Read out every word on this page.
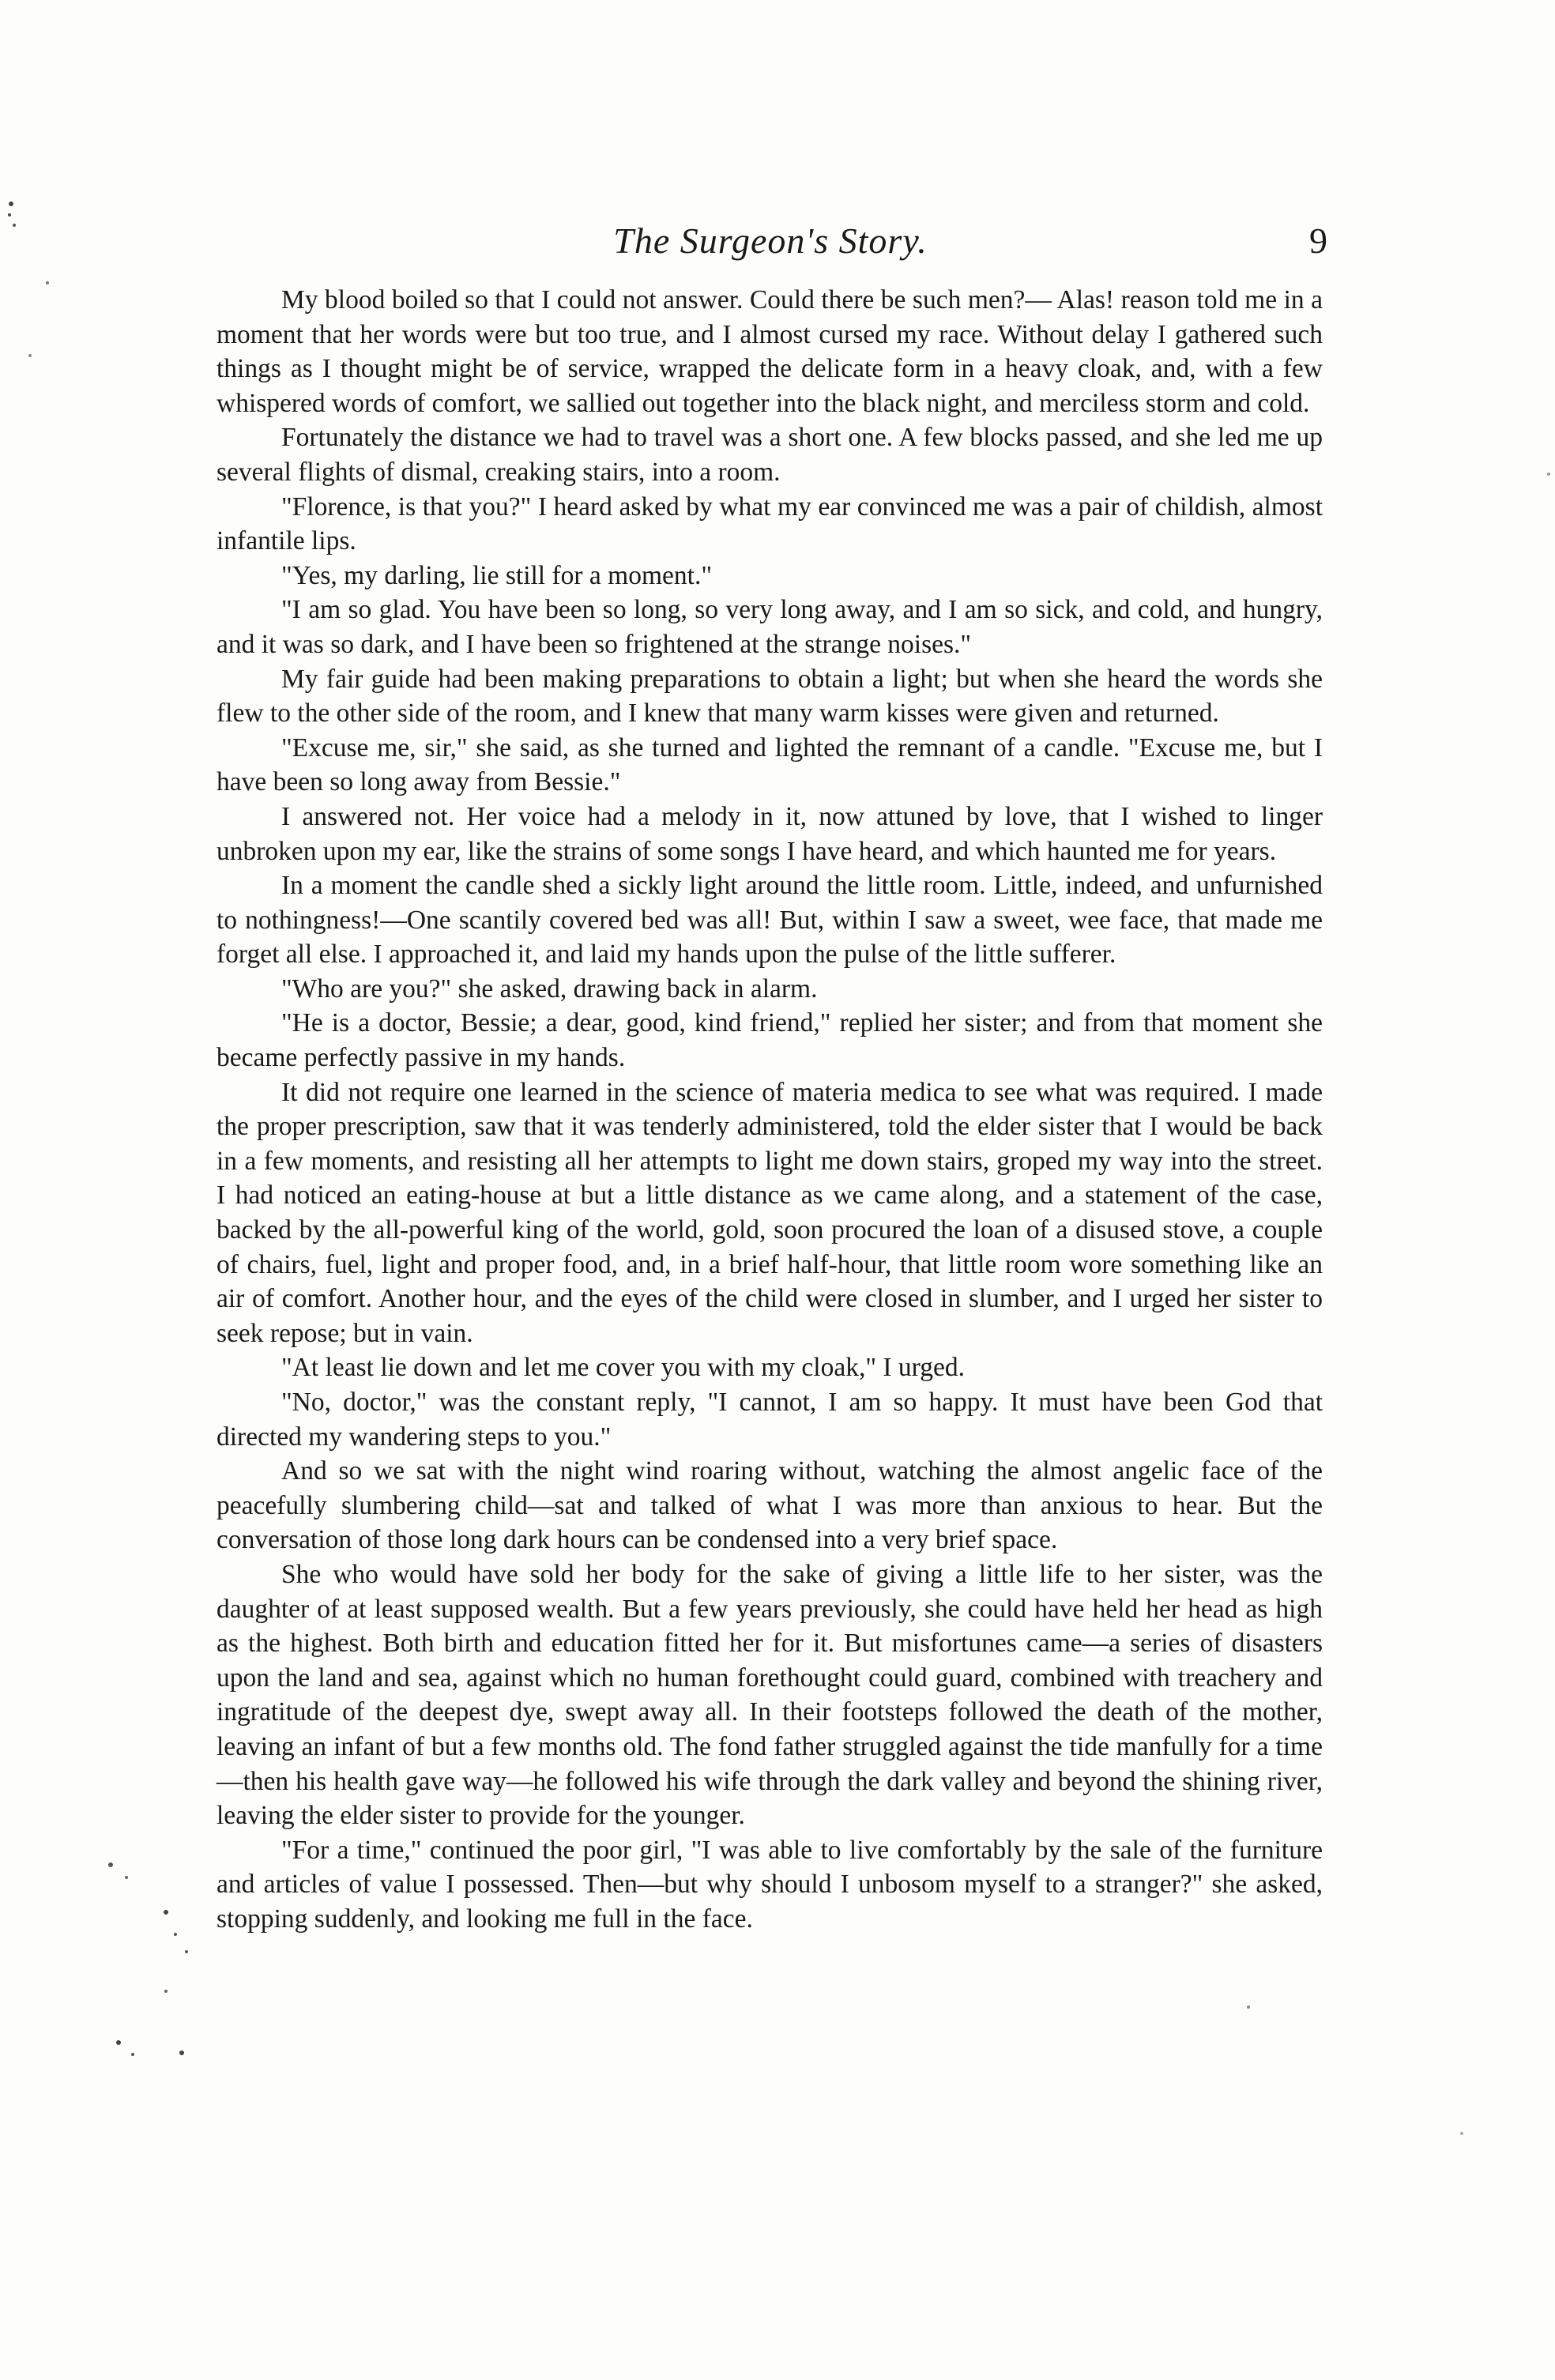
The Surgeon's Story.	9

My blood boiled so that I could not answer. Could there be such men?— Alas! reason told me in a moment that her words were but too true, and I almost cursed my race. Without delay I gathered such things as I thought might be of service, wrapped the delicate form in a heavy cloak, and, with a few whispered words of comfort, we sallied out together into the black night, and merciless storm and cold.

Fortunately the distance we had to travel was a short one. A few blocks passed, and she led me up several flights of dismal, creaking stairs, into a room.

"Florence, is that you?" I heard asked by what my ear convinced me was a pair of childish, almost infantile lips.

"Yes, my darling, lie still for a moment."

"I am so glad. You have been so long, so very long away, and I am so sick, and cold, and hungry, and it was so dark, and I have been so frightened at the strange noises."

My fair guide had been making preparations to obtain a light; but when she heard the words she flew to the other side of the room, and I knew that many warm kisses were given and returned.

"Excuse me, sir," she said, as she turned and lighted the remnant of a candle. "Excuse me, but I have been so long away from Bessie."

I answered not. Her voice had a melody in it, now attuned by love, that I wished to linger unbroken upon my ear, like the strains of some songs I have heard, and which haunted me for years.

In a moment the candle shed a sickly light around the little room. Little, indeed, and unfurnished to nothingness!—One scantily covered bed was all! But, within I saw a sweet, wee face, that made me forget all else. I approached it, and laid my hands upon the pulse of the little sufferer.

"Who are you?" she asked, drawing back in alarm.

"He is a doctor, Bessie; a dear, good, kind friend," replied her sister; and from that moment she became perfectly passive in my hands.

It did not require one learned in the science of materia medica to see what was required. I made the proper prescription, saw that it was tenderly administered, told the elder sister that I would be back in a few moments, and resisting all her attempts to light me down stairs, groped my way into the street. I had noticed an eating-house at but a little distance as we came along, and a statement of the case, backed by the all-powerful king of the world, gold, soon procured the loan of a disused stove, a couple of chairs, fuel, light and proper food, and, in a brief half-hour, that little room wore something like an air of comfort. Another hour, and the eyes of the child were closed in slumber, and I urged her sister to seek repose; but in vain.

"At least lie down and let me cover you with my cloak," I urged.

"No, doctor," was the constant reply, "I cannot, I am so happy. It must have been God that directed my wandering steps to you."

And so we sat with the night wind roaring without, watching the almost angelic face of the peacefully slumbering child—sat and talked of what I was more than anxious to hear. But the conversation of those long dark hours can be condensed into a very brief space.

She who would have sold her body for the sake of giving a little life to her sister, was the daughter of at least supposed wealth. But a few years previously, she could have held her head as high as the highest. Both birth and education fitted her for it. But misfortunes came—a series of disasters upon the land and sea, against which no human forethought could guard, combined with treachery and ingratitude of the deepest dye, swept away all. In their footsteps followed the death of the mother, leaving an infant of but a few months old. The fond father struggled against the tide manfully for a time—then his health gave way—he followed his wife through the dark valley and beyond the shining river, leaving the elder sister to provide for the younger.

"For a time," continued the poor girl, "I was able to live comfortably by the sale of the furniture and articles of value I possessed. Then—but why should I unbosom myself to a stranger?" she asked, stopping suddenly, and looking me full in the face.
